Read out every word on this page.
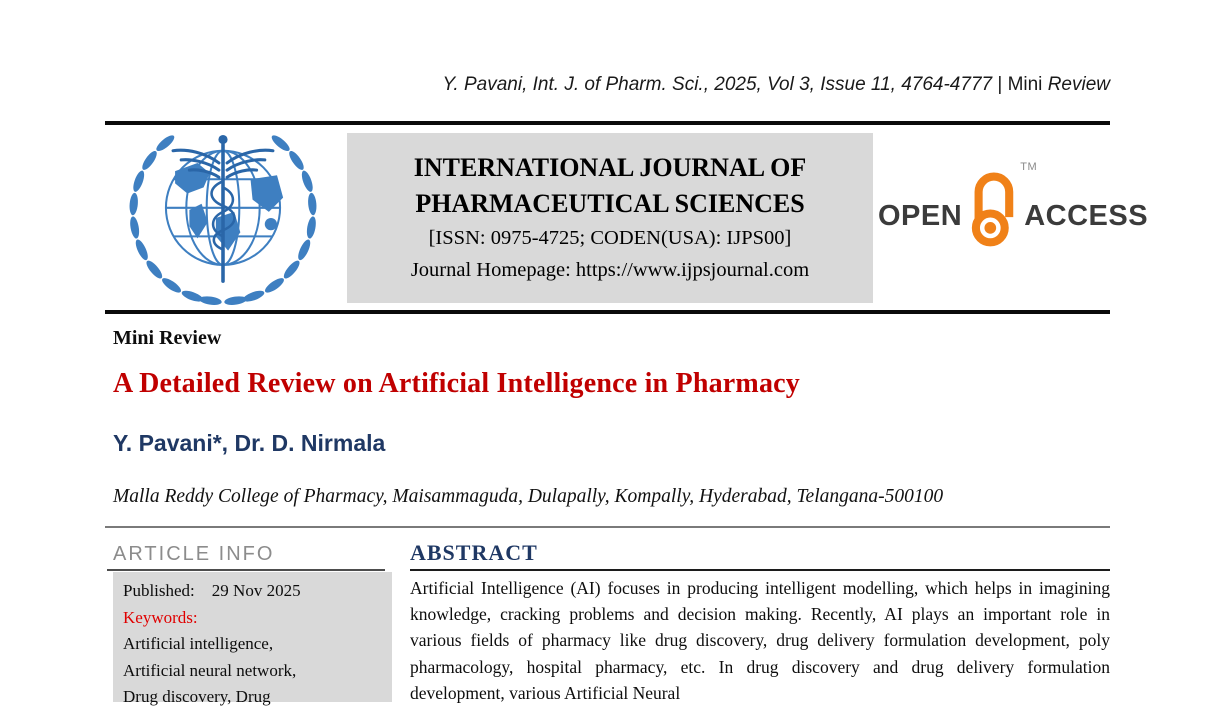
Y. Pavani, Int. J. of Pharm. Sci., 2025, Vol 3, Issue 11, 4764-4777 | Mini Review
INTERNATIONAL JOURNAL OF
PHARMACEUTICAL SCIENCES
[ISSN: 0975-4725; CODEN(USA): IJPS00]
Journal Homepage: https://www.ijpsjournal.com
OPEN
TM
ACCESS
Mini Review
A Detailed Review on Artificial Intelligence in Pharmacy
Y. Pavani*, Dr. D. Nirmala
Malla Reddy College of Pharmacy, Maisammaguda, Dulapally, Kompally, Hyderabad, Telangana-500100
ARTICLE INFO
Published: 29 Nov 2025
Keywords:
Artificial intelligence,
Artificial neural network,
Drug discovery, Drug
ABSTRACT
Artificial Intelligence (AI) focuses in producing intelligent modelling, which helps in imagining knowledge, cracking problems and decision making. Recently, AI plays an important role in various fields of pharmacy like drug discovery, drug delivery formulation development, poly pharmacology, hospital pharmacy, etc. In drug discovery and drug delivery formulation development, various Artificial Neural
